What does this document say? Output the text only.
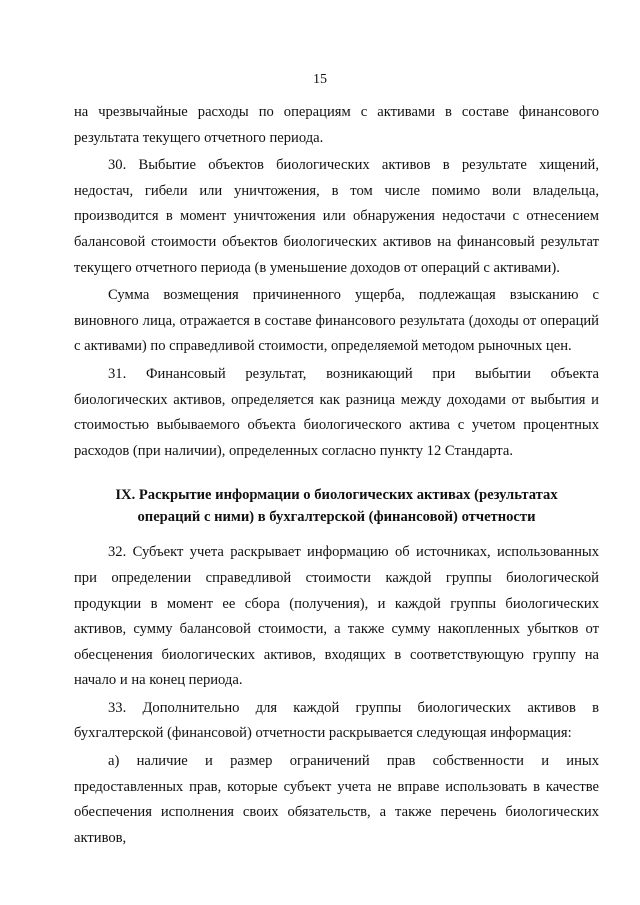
15

на чрезвычайные расходы по операциям с активами в составе финансового результата текущего отчетного периода.

30. Выбытие объектов биологических активов в результате хищений, недостач, гибели или уничтожения, в том числе помимо воли владельца, производится в момент уничтожения или обнаружения недостачи с отнесением балансовой стоимости объектов биологических активов на финансовый результат текущего отчетного периода (в уменьшение доходов от операций с активами).

Сумма возмещения причиненного ущерба, подлежащая взысканию с виновного лица, отражается в составе финансового результата (доходы от операций с активами) по справедливой стоимости, определяемой методом рыночных цен.

31. Финансовый результат, возникающий при выбытии объекта биологических активов, определяется как разница между доходами от выбытия и стоимостью выбываемого объекта биологического актива с учетом процентных расходов (при наличии), определенных согласно пункту 12 Стандарта.

IX. Раскрытие информации о биологических активах (результатах операций с ними) в бухгалтерской (финансовой) отчетности

32. Субъект учета раскрывает информацию об источниках, использованных при определении справедливой стоимости каждой группы биологической продукции в момент ее сбора (получения), и каждой группы биологических активов, сумму балансовой стоимости, а также сумму накопленных убытков от обесценения биологических активов, входящих в соответствующую группу на начало и на конец периода.

33. Дополнительно для каждой группы биологических активов в бухгалтерской (финансовой) отчетности раскрывается следующая информация:

а) наличие и размер ограничений прав собственности и иных предоставленных прав, которые субъект учета не вправе использовать в качестве обеспечения исполнения своих обязательств, а также перечень биологических активов,
